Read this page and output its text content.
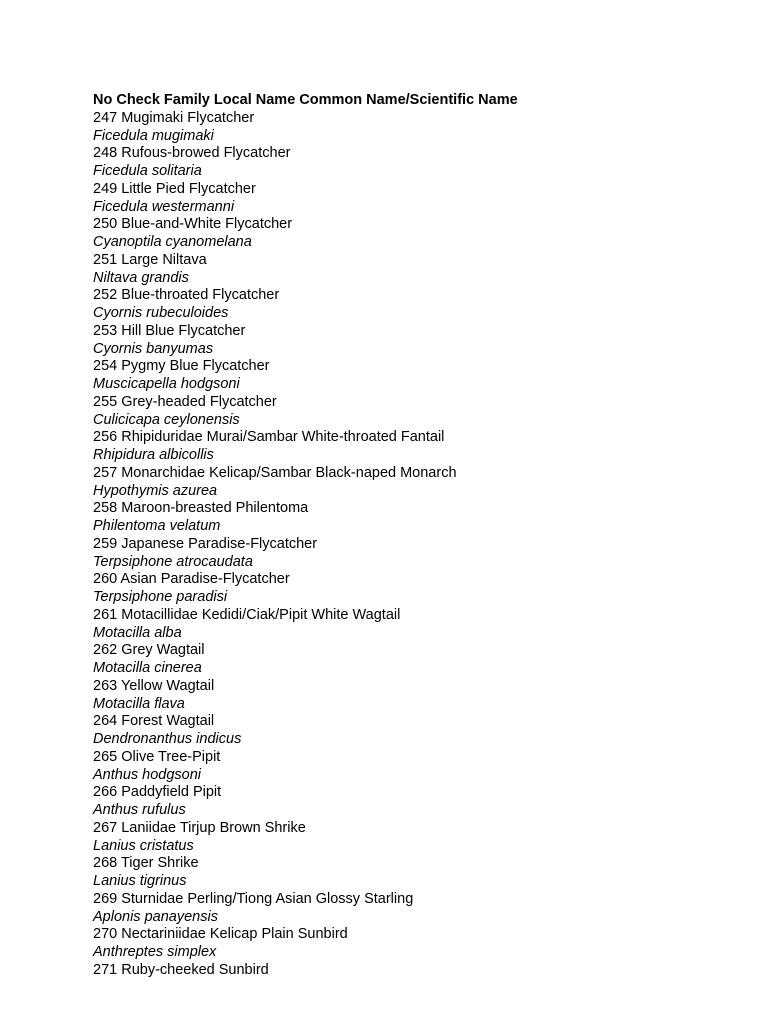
No Check Family Local Name Common Name/Scientific Name
247 Mugimaki Flycatcher
Ficedula mugimaki
248 Rufous-browed Flycatcher
Ficedula solitaria
249 Little Pied Flycatcher
Ficedula westermanni
250 Blue-and-White Flycatcher
Cyanoptila cyanomelana
251 Large Niltava
Niltava grandis
252 Blue-throated Flycatcher
Cyornis rubeculoides
253 Hill Blue Flycatcher
Cyornis banyumas
254 Pygmy Blue Flycatcher
Muscicapella hodgsoni
255 Grey-headed Flycatcher
Culicicapa ceylonensis
256 Rhipiduridae Murai/Sambar White-throated Fantail
Rhipidura albicollis
257 Monarchidae Kelicap/Sambar Black-naped Monarch
Hypothymis azurea
258 Maroon-breasted Philentoma
Philentoma velatum
259 Japanese Paradise-Flycatcher
Terpsiphone atrocaudata
260 Asian Paradise-Flycatcher
Terpsiphone paradisi
261 Motacillidae Kedidi/Ciak/Pipit White Wagtail
Motacilla alba
262 Grey Wagtail
Motacilla cinerea
263 Yellow Wagtail
Motacilla flava
264 Forest Wagtail
Dendronanthus indicus
265 Olive Tree-Pipit
Anthus hodgsoni
266 Paddyfield Pipit
Anthus rufulus
267 Laniidae Tirjup Brown Shrike
Lanius cristatus
268 Tiger Shrike
Lanius tigrinus
269 Sturnidae Perling/Tiong Asian Glossy Starling
Aplonis panayensis
270 Nectariniidae Kelicap Plain Sunbird
Anthreptes simplex
271 Ruby-cheeked Sunbird
